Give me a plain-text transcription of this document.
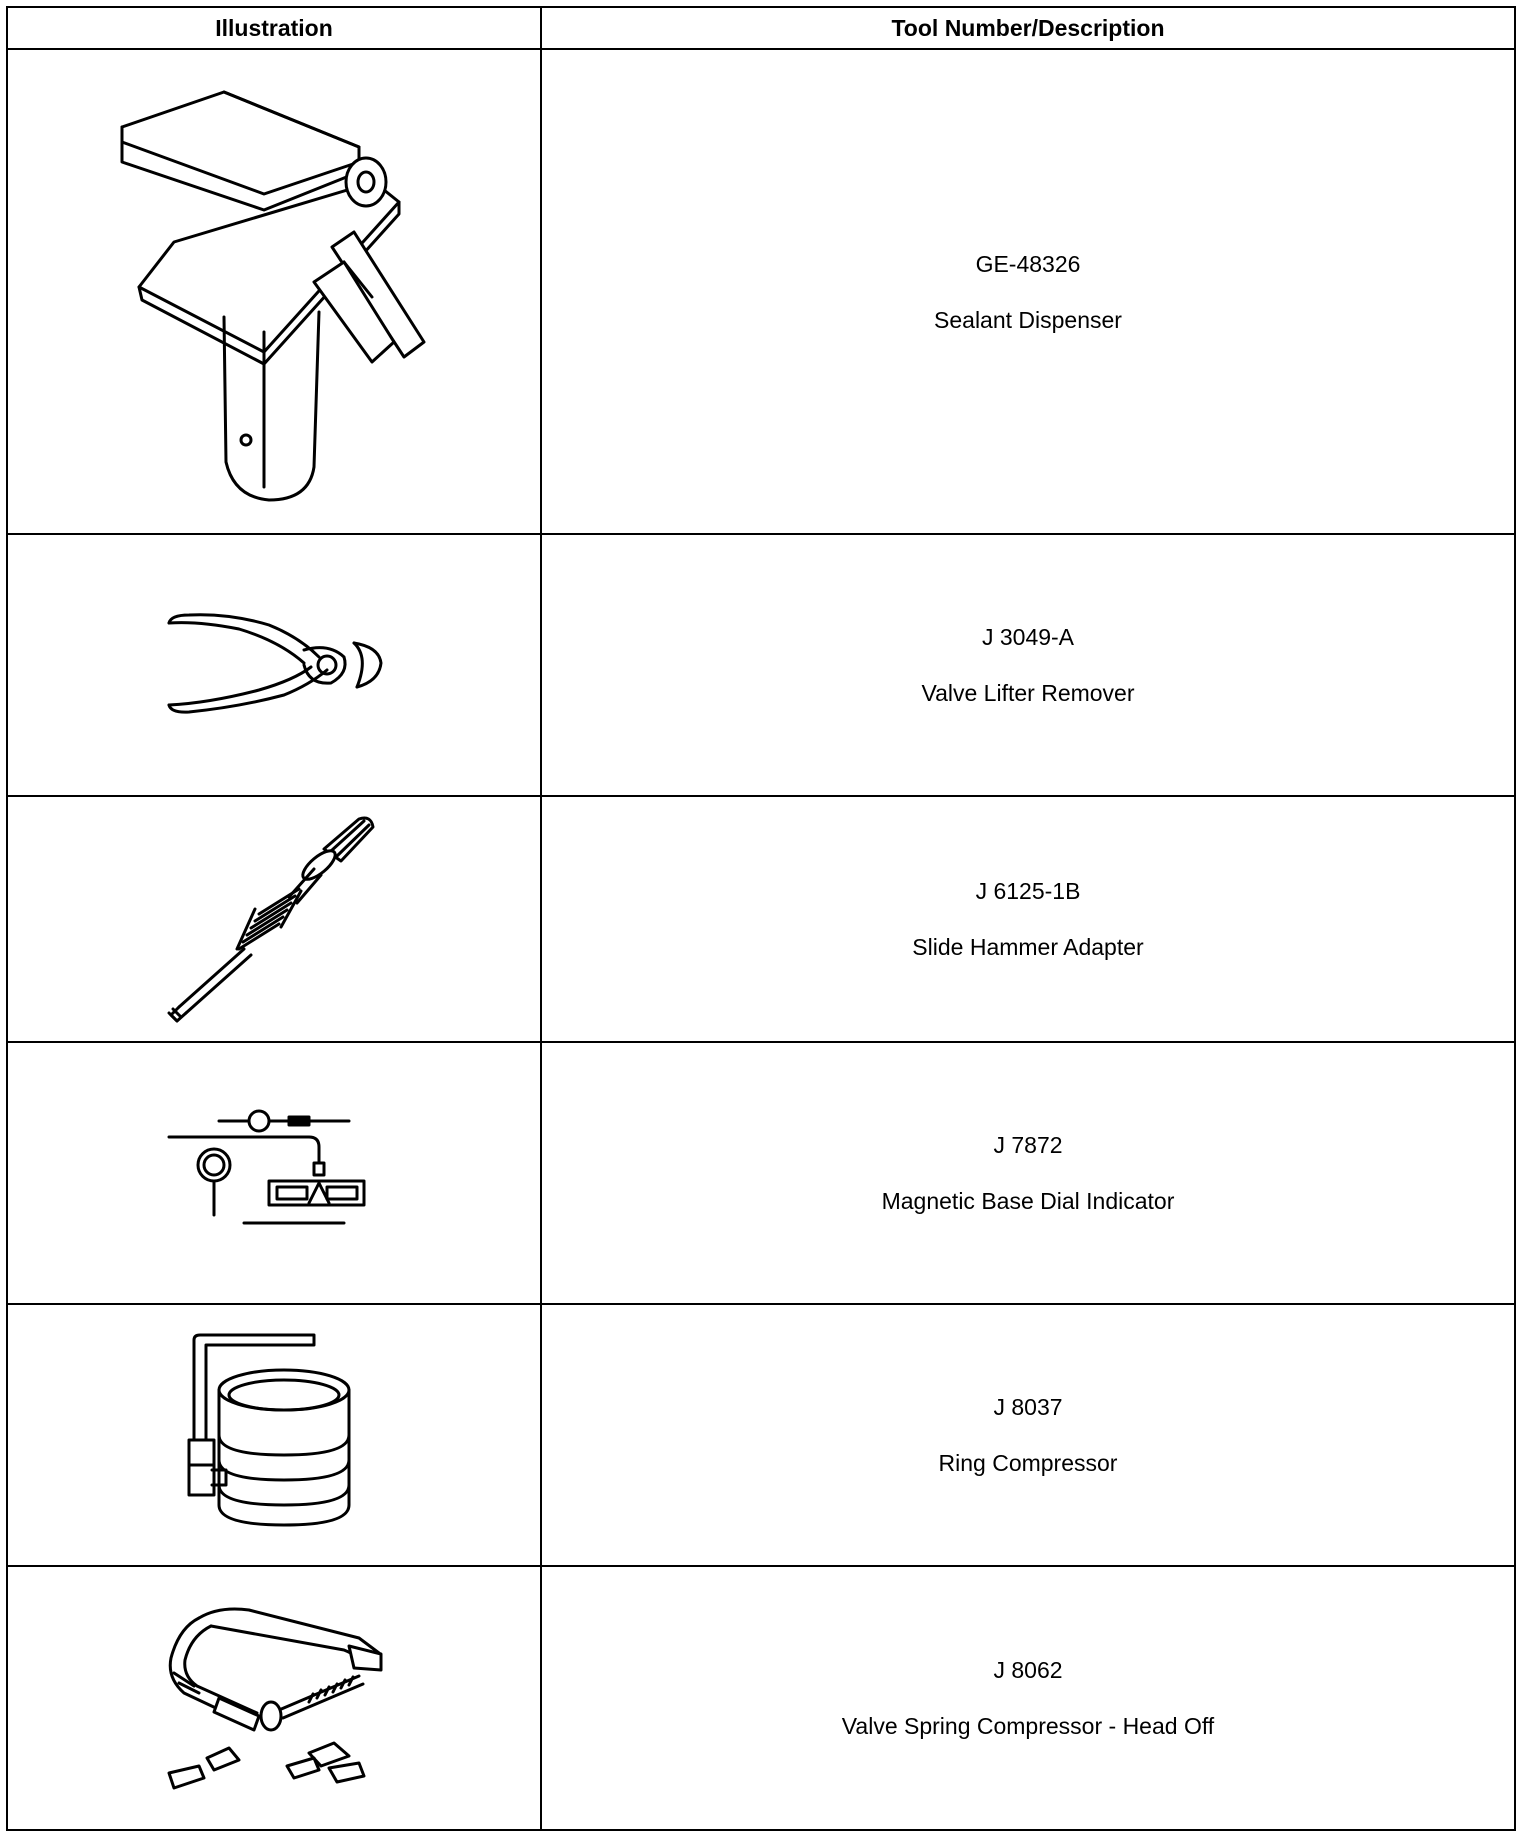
Illustration	Tool Number/Description

GE-48326
Sealant Dispenser

J 3049-A
Valve Lifter Remover

J 6125-1B
Slide Hammer Adapter

J 7872
Magnetic Base Dial Indicator

J 8037
Ring Compressor

J 8062
Valve Spring Compressor - Head Off
